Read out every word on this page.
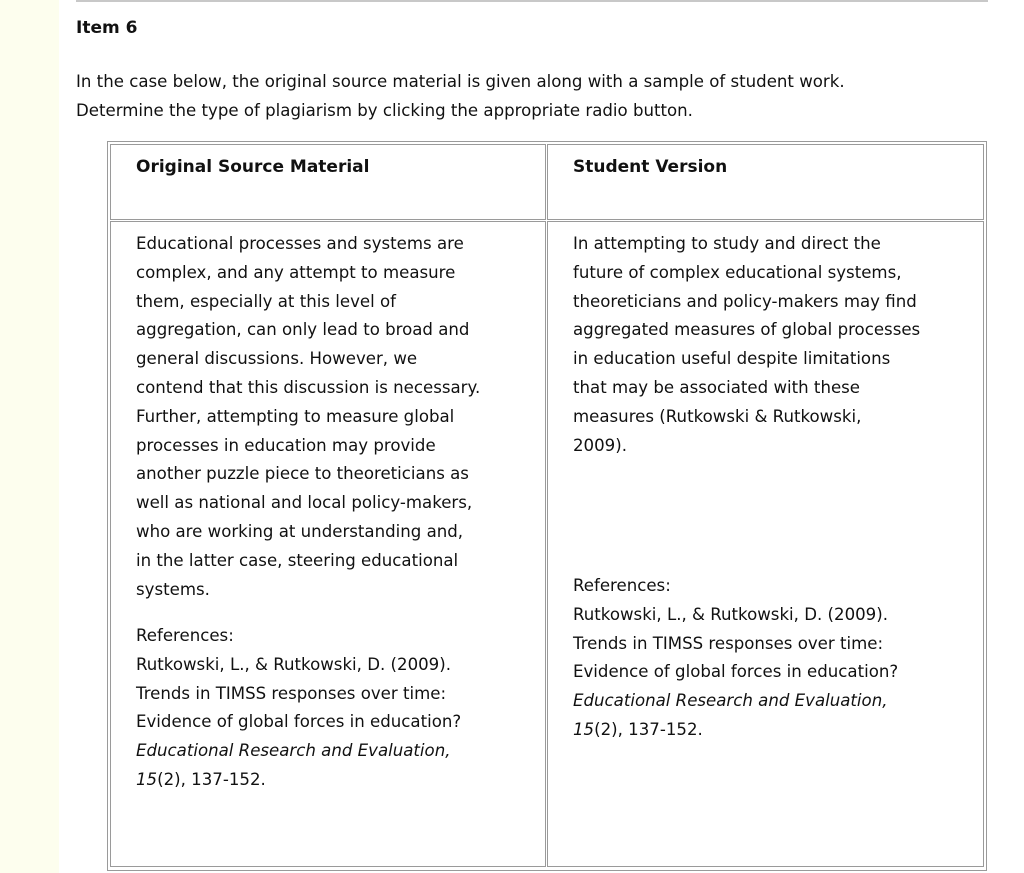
Item 6
In the case below, the original source material is given along with a sample of student work.
Determine the type of plagiarism by clicking the appropriate radio button.
Original Source Material	Student Version
Educational processes and systems are
complex, and any attempt to measure
them, especially at this level of
aggregation, can only lead to broad and
general discussions. However, we
contend that this discussion is necessary.
Further, attempting to measure global
processes in education may provide
another puzzle piece to theoreticians as
well as national and local policy-makers,
who are working at understanding and,
in the latter case, steering educational
systems.
References:
Rutkowski, L., & Rutkowski, D. (2009).
Trends in TIMSS responses over time:
Evidence of global forces in education?
Educational Research and Evaluation,
15(2), 137-152.
In attempting to study and direct the
future of complex educational systems,
theoreticians and policy-makers may find
aggregated measures of global processes
in education useful despite limitations
that may be associated with these
measures (Rutkowski & Rutkowski,
2009).
References:
Rutkowski, L., & Rutkowski, D. (2009).
Trends in TIMSS responses over time:
Evidence of global forces in education?
Educational Research and Evaluation,
15(2), 137-152.
